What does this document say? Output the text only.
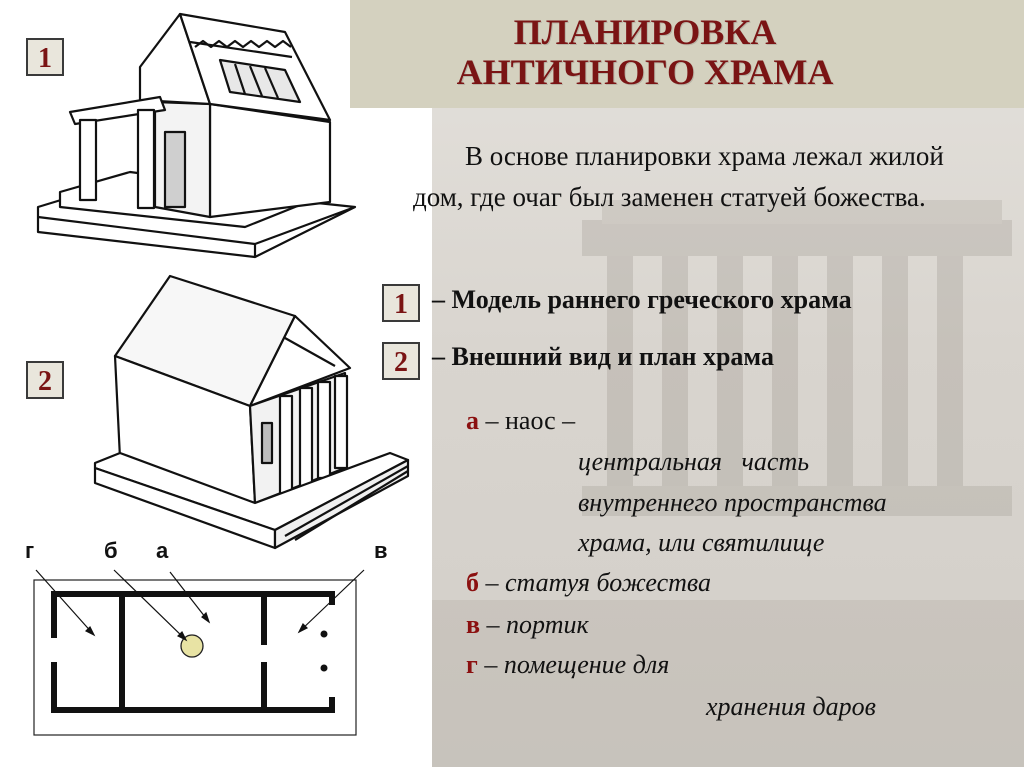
ПЛАНИРОВКА
АНТИЧНОГО ХРАМА
1
2
г	б а	в
В основе планировки храма лежал жилой дом, где очаг был заменен статуей божества.
1 – Модель раннего греческого храма
2 – Внешний вид и план храма
а – наос –
центральная   часть
внутреннего пространства
храма, или святилище
б – статуя божества
в – портик
г – помещение для
хранения даров
